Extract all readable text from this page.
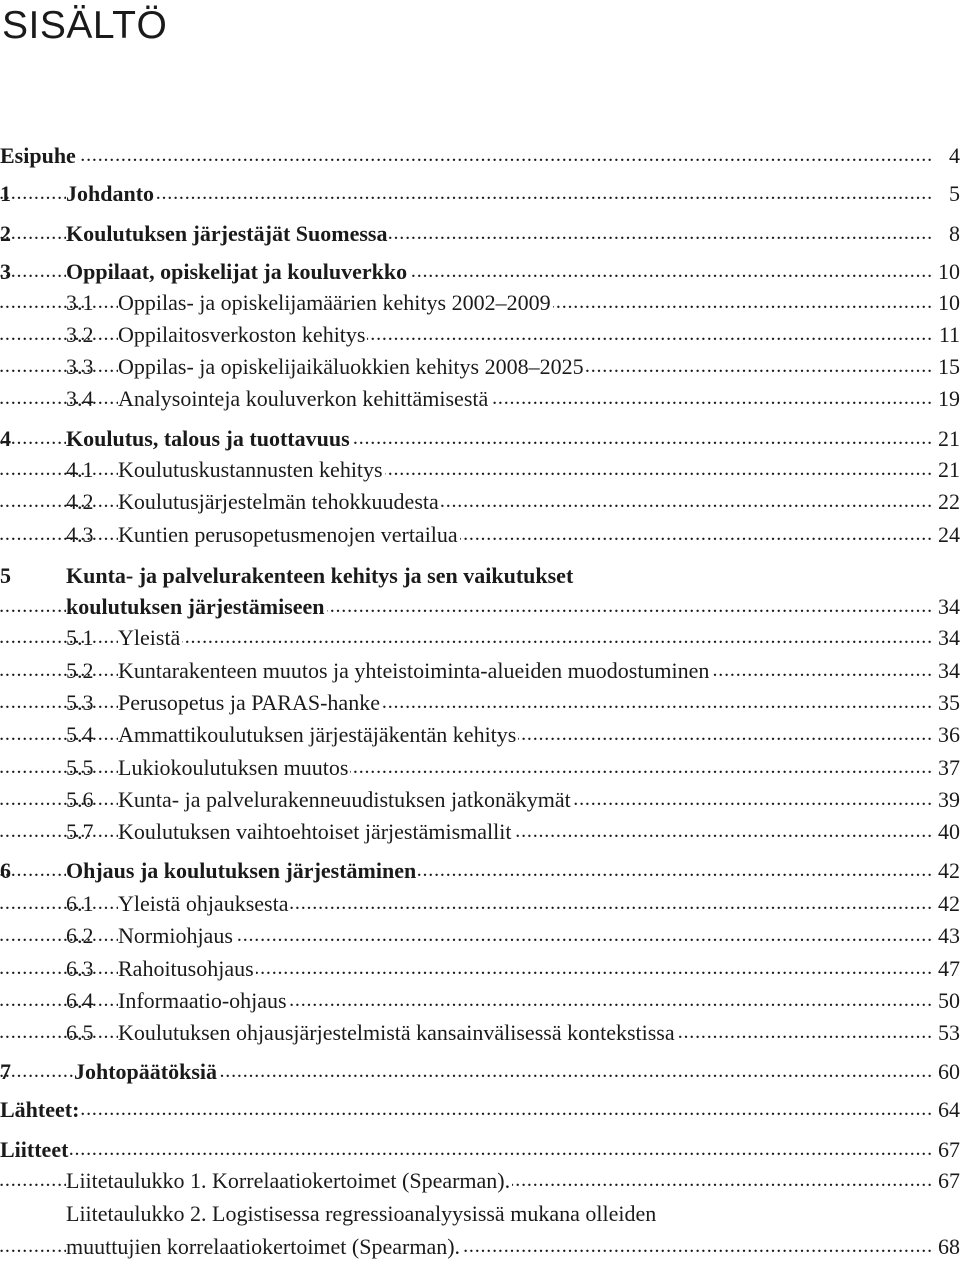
SISÄLTÖ
Esipuhe . . .	4
1	Johdanto . . .	5
2	Koulutuksen järjestäjät Suomessa . . .	8
3	Oppilaat, opiskelijat ja kouluverkko . . .	10
3.1 Oppilas- ja opiskelijamäärien kehitys 2002–2009 . . .	10
3.2 Oppilaitosverkoston kehitys . . .	11
3.3 Oppilas- ja opiskelijaikäluokkien kehitys 2008–2025 . . .	15
3.4 Analysointeja kouluverkon kehittämisestä . . .	19
4	Koulutus, talous ja tuottavuus . . .	21
4.1 Koulutuskustannusten kehitys . . .	21
4.2 Koulutusjärjestelmän tehokkuudesta . . .	22
4.3 Kuntien perusopetusmenojen vertailua . . .	24
5	Kunta- ja palvelurakenteen kehitys ja sen vaikutukset
koulutuksen järjestämiseen . . .	34
5.1 Yleistä . . .	34
5.2 Kuntarakenteen muutos ja yhteistoiminta-alueiden muodostuminen . . .	34
5.3 Perusopetus ja PARAS-hanke . . .	35
5.4 Ammattikoulutuksen järjestäjäkentän kehitys . . .	36
5.5 Lukiokoulutuksen muutos . . .	37
5.6 Kunta- ja palvelurakenneuudistuksen jatkonäkymät . . .	39
5.7 Koulutuksen vaihtoehtoiset järjestämismallit . . .	40
6	Ohjaus ja koulutuksen järjestäminen . . .	42
6.1 Yleistä ohjauksesta . . .	42
6.2 Normiohjaus . . .	43
6.3 Rahoitusohjaus . . .	47
6.4 Informaatio-ohjaus . . .	50
6.5 Koulutuksen ohjausjärjestelmistä kansainvälisessä kontekstissa . . .	53
7	Johtopäätöksiä . . .	60
Lähteet: . . .	64
Liitteet . . .	67
Liitetaulukko 1. Korrelaatiokertoimet (Spearman). . . .	67
Liitetaulukko 2. Logistisessa regressioanalyysissä mukana olleiden
muuttujien korrelaatiokertoimet (Spearman). . . .	68
